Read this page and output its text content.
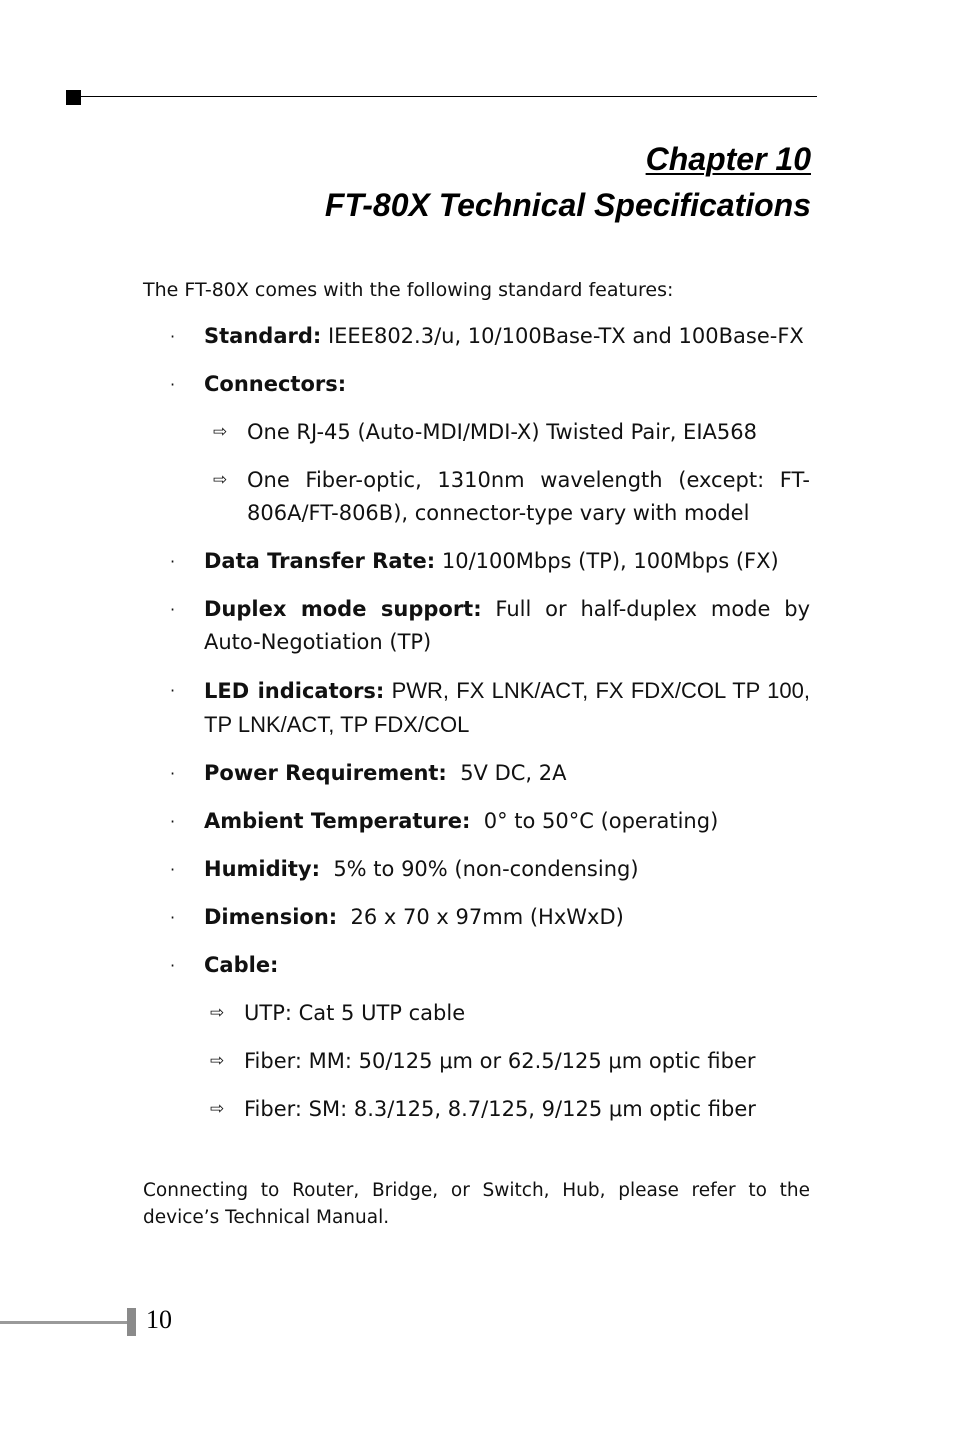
Chapter 10
FT-80X Technical Specifications

The FT-80X comes with the following standard features:

· Standard: IEEE802.3/u, 10/100Base-TX and 100Base-FX
· Connectors:
⇨ One RJ-45 (Auto-MDI/MDI-X) Twisted Pair, EIA568
⇨ One Fiber-optic, 1310nm wavelength (except: FT-806A/FT-806B), connector-type vary with model
· Data Transfer Rate: 10/100Mbps (TP), 100Mbps (FX)
· Duplex mode support: Full or half-duplex mode by Auto-Negotiation (TP)
· LED indicators: PWR, FX LNK/ACT, FX FDX/COL TP 100, TP LNK/ACT, TP FDX/COL
· Power Requirement:  5V DC, 2A
· Ambient Temperature:  0° to 50°C (operating)
· Humidity:  5% to 90% (non-condensing)
· Dimension:  26 x 70 x 97mm (HxWxD)
· Cable:
⇨ UTP: Cat 5 UTP cable
⇨ Fiber: MM: 50/125 μm or 62.5/125 μm optic fiber
⇨ Fiber: SM: 8.3/125, 8.7/125, 9/125 μm optic fiber

Connecting to Router, Bridge, or Switch, Hub, please refer to the device’s Technical Manual.

10
